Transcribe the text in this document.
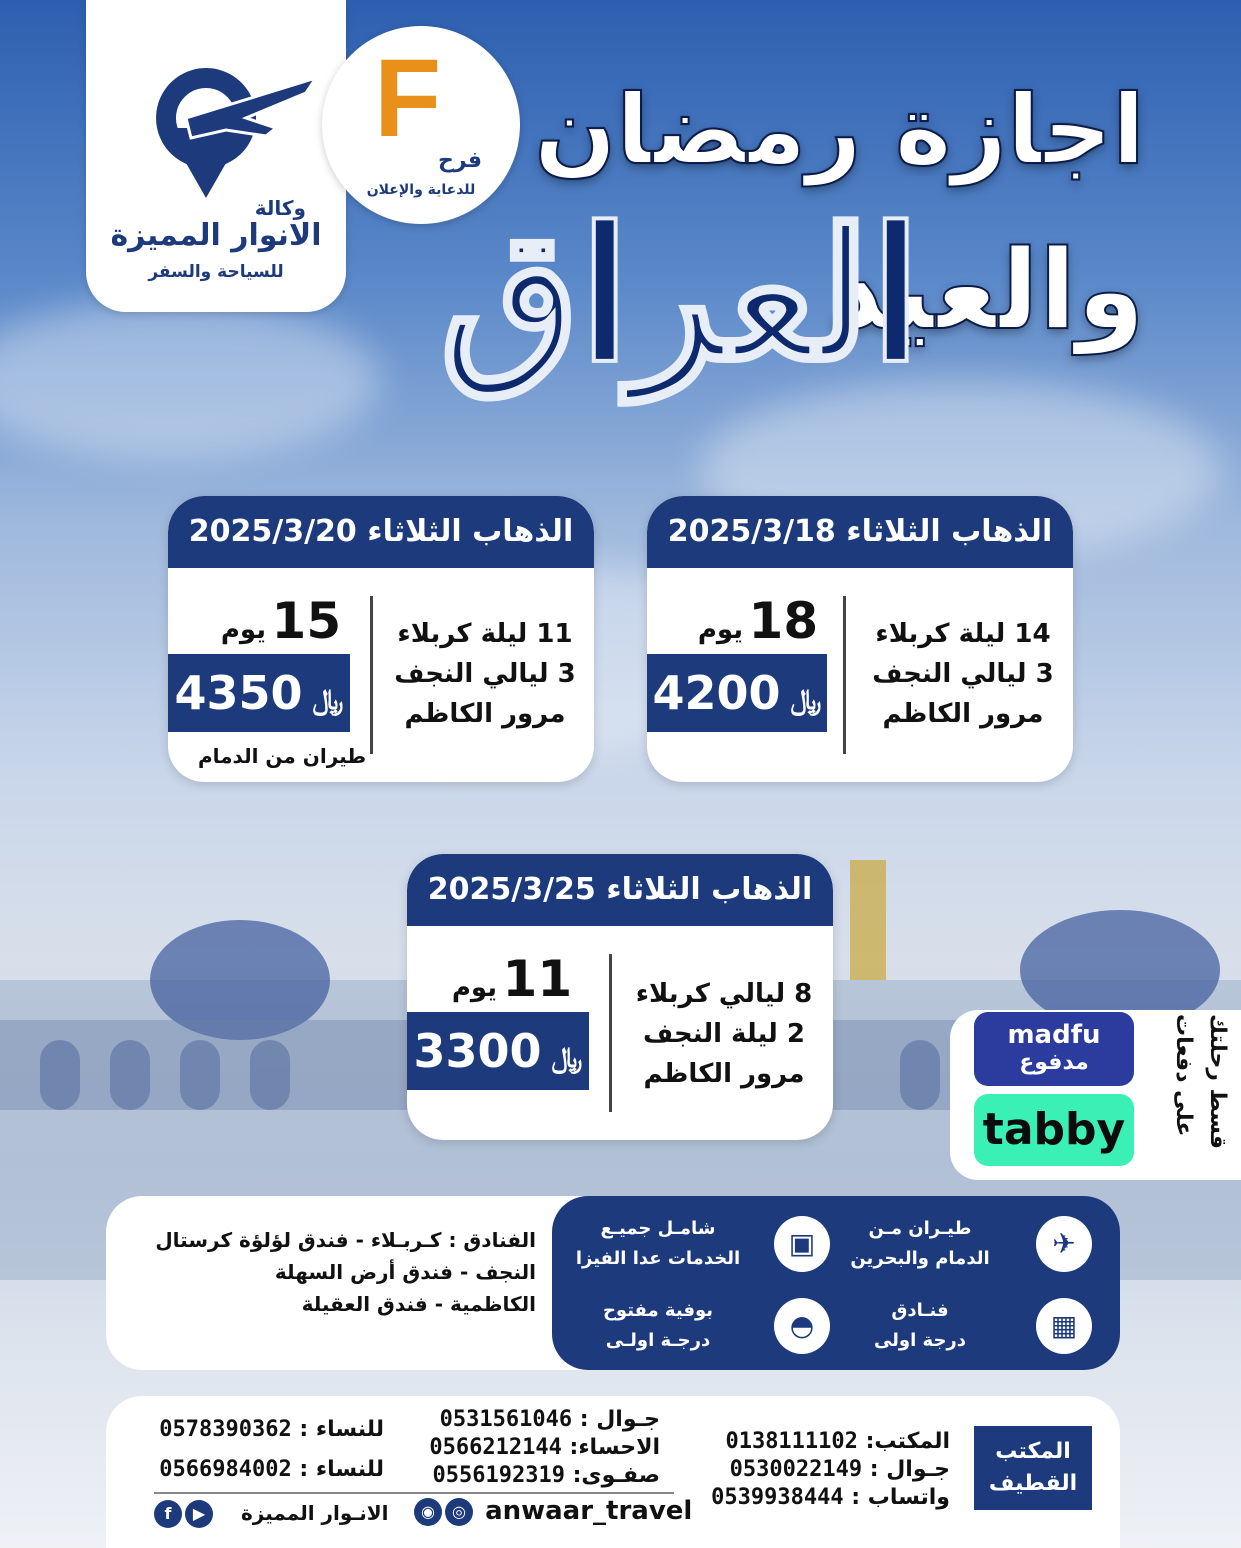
وكالة
الانوار المميزة
للسياحة والسفر
F
فرح
للدعاية والإعلان
اجازة رمضان
والعيد
العراق
الذهاب الثلاثاء 2025/3/18
14 ليلة كربلاء
3 ليالي النجف
مرور الكاظم
18 يوم
﷼4200
الذهاب الثلاثاء 2025/3/20
11 ليلة كربلاء
3 ليالي النجف
مرور الكاظم
15 يوم
﷼4350
طيران من الدمام
الذهاب الثلاثاء 2025/3/25
8 ليالي كربلاء
2 ليلة النجف
مرور الكاظم
11 يوم
﷼3300	madfu
مدفوع
tabby	قسط رحلتك على دفعات
الفنادق : كـربـلاء - فندق لؤلؤة كرستال
النجف - فندق أرض السهلة
الكاظمية - فندق العقيلة
✈
طيـران مـن
الدمام والبحرين
▣
شامـل جميـع
الخدمات عدا الفيزا
▦
فنـادق
درجة اولى
◓
بوفية مفتوح
درجـة اولـى
المكتب
القطيف
المكتب: 0138111102
جـوال : 0530022149
واتساب : 0539938444
جـوال : 0531561046
الاحساء: 0566212144
صفـوى: 0556192319
للنساء : 0578390362
للنساء : 0566984002
f ▶ الانـوار المميزة	◉ ◎ anwaar_travel
